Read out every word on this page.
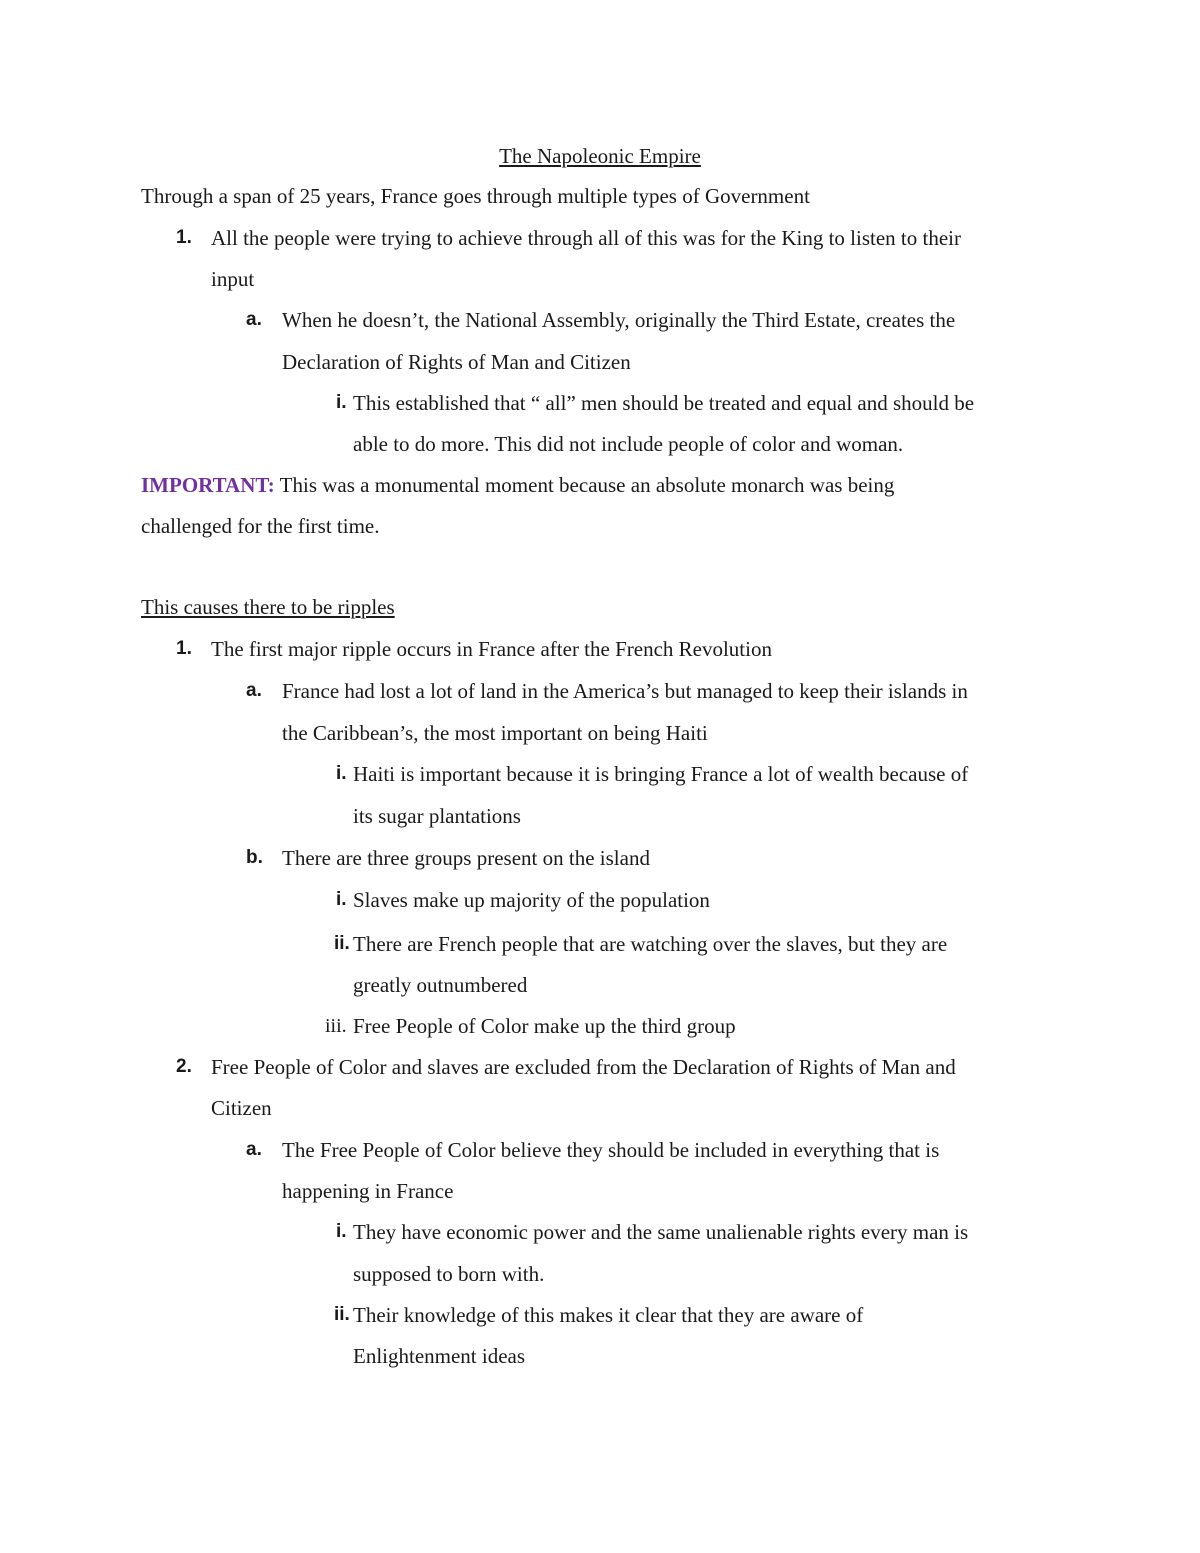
The Napoleonic Empire
Through a span of 25 years, France goes through multiple types of Government
1. All the people were trying to achieve through all of this was for the King to listen to their
input
a. When he doesn’t, the National Assembly, originally the Third Estate, creates the
Declaration of Rights of Man and Citizen
i. This established that “ all” men should be treated and equal and should be
able to do more. This did not include people of color and woman.
IMPORTANT: This was a monumental moment because an absolute monarch was being
challenged for the first time.
This causes there to be ripples
1. The first major ripple occurs in France after the French Revolution
a. France had lost a lot of land in the America’s but managed to keep their islands in
the Caribbean’s, the most important on being Haiti
i. Haiti is important because it is bringing France a lot of wealth because of
its sugar plantations
b. There are three groups present on the island
i. Slaves make up majority of the population
ii. There are French people that are watching over the slaves, but they are
greatly outnumbered
iii. Free People of Color make up the third group
2. Free People of Color and slaves are excluded from the Declaration of Rights of Man and
Citizen
a. The Free People of Color believe they should be included in everything that is
happening in France
i. They have economic power and the same unalienable rights every man is
supposed to born with.
ii. Their knowledge of this makes it clear that they are aware of
Enlightenment ideas
